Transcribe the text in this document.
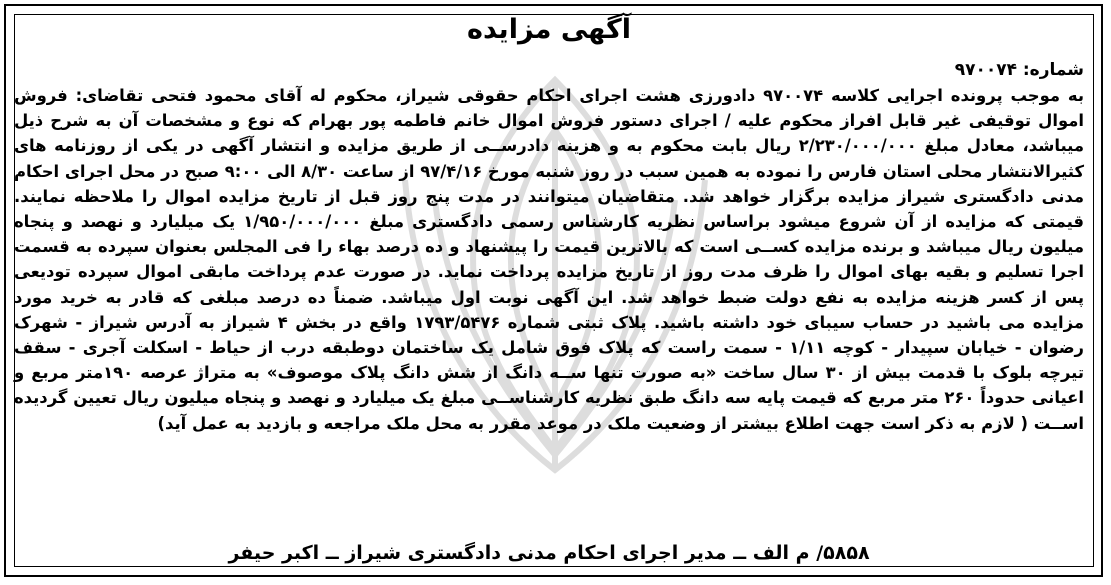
آگهی مزایده
شماره: ۹۷۰۰۷۴
به موجب پرونده اجرایی کلاسه ۹۷۰۰۷۴ دادورزی هشت اجرای احکام حقوقی شیراز، محکوم له آقای محمود فتحی تقاضای: فروش اموال توقیفی غیر قابل افراز محکوم علیه / اجرای دستور فروش اموال خانم فاطمه پور بهرام که نوع و مشخصات آن به شرح ذیل میباشد، معادل مبلغ ۲/۲۳۰/۰۰۰/۰۰۰ ریال بابت محکوم به و هزینه دادرســی از طریق مزایده و انتشار آگهی در یکی از روزنامه های کثیرالانتشار محلی استان فارس را نموده به همین سبب در روز شنبه مورخ ۹۷/۴/۱۶ از ساعت ۸/۳۰ الی ۹:۰۰ صبح در محل اجرای احکام مدنی دادگستری شیراز مزایده برگزار خواهد شد. متقاضیان میتوانند در مدت پنج روز قبل از تاریخ مزایده اموال را ملاحظه نمایند. قیمتی که مزایده از آن شروع میشود براساس نظریه کارشناس رسمی دادگستری مبلغ ۱/۹۵۰/۰۰۰/۰۰۰ یک میلیارد و نهصد و پنجاه میلیون ریال میباشد و برنده مزایده کســی است که بالاترین قیمت را پیشنهاد و ده درصد بهاء را فی المجلس بعنوان سپرده به قسمت اجرا تسلیم و بقیه بهای اموال را ظرف مدت روز از تاریخ مزایده پرداخت نماید. در صورت عدم پرداخت مابقی اموال سپرده تودیعی پس از کسر هزینه مزایده به نفع دولت ضبط خواهد شد. این آگهی نوبت اول میباشد. ضمناً ده درصد مبلغی که قادر به خرید مورد مزایده می باشید در حساب سیبای خود داشته باشید. پلاک ثبتی شماره ۱۷۹۳/۵۴۷۶ واقع در بخش ۴ شیراز به آدرس شیراز - شهرک رضوان - خیابان سپیدار - کوچه ۱/۱۱ - سمت راست که پلاک فوق شامل یک ساختمان دوطبقه درب از حیاط - اسکلت آجری - سقف تیرچه بلوک با قدمت بیش از ۳۰ سال ساخت «به صورت تنها ســه دانگ از شش دانگ پلاک موصوف» به متراژ عرصه ۱۹۰متر مربع و اعیانی حدوداً ۲۶۰ متر مربع که قیمت پایه سه دانگ طبق نظریه کارشناســی مبلغ یک میلیارد و نهصد و پنجاه میلیون ریال تعیین گردیده اســت ( لازم به ذکر است جهت اطلاع بیشتر از وضعیت ملک در موعد مقرر به محل ملک مراجعه و بازدید به عمل آید)
۵۸۵۸/ م الف ــ مدیر اجرای احکام مدنی دادگستری شیراز ــ اکبر حیفر
